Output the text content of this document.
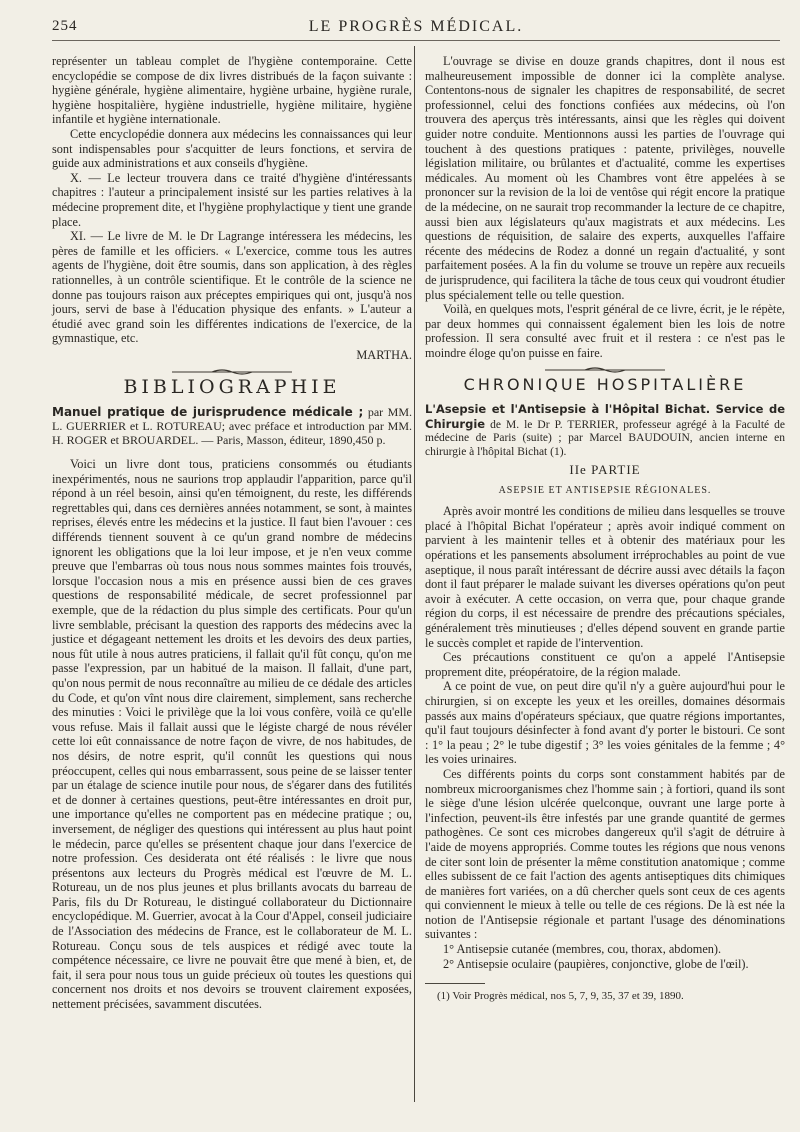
254	LE PROGRÈS MÉDICAL.

représenter un tableau complet de l'hygiène contemporaine. Cette encyclopédie se compose de dix livres distribués de la façon suivante : hygiène générale, hygiène alimentaire, hygiène urbaine, hygiène rurale, hygiène hospitalière, hygiène industrielle, hygiène militaire, hygiène infantile et hygiène internationale.

Cette encyclopédie donnera aux médecins les connaissances qui leur sont indispensables pour s'acquitter de leurs fonctions, et servira de guide aux administrations et aux conseils d'hygiène.

X. — Le lecteur trouvera dans ce traité d'hygiène d'intéressants chapitres : l'auteur a principalement insisté sur les parties relatives à la médecine proprement dite, et l'hygiène prophylactique y tient une grande place.

XI. — Le livre de M. le Dr Lagrange intéressera les médecins, les pères de famille et les officiers. « L'exercice, comme tous les autres agents de l'hygiène, doit être soumis, dans son application, à des règles rationnelles, à un contrôle scientifique. Et le contrôle de la science ne donne pas toujours raison aux préceptes empiriques qui ont, jusqu'à nos jours, servi de base à l'éducation physique des enfants. » L'auteur a étudié avec grand soin les différentes indications de l'exercice, de la gymnastique, etc.

MARTHA.

BIBLIOGRAPHIE
Manuel pratique de jurisprudence médicale ; par MM. L. GUERRIER et L. ROTUREAU; avec préface et introduction par MM. H. ROGER et BROUARDEL. — Paris, Masson, éditeur, 1890,450 p.

Voici un livre dont tous, praticiens consommés ou étudiants inexpérimentés, nous ne saurions trop applaudir l'apparition, parce qu'il répond à un réel besoin, ainsi qu'en témoignent, du reste, les différends regrettables qui, dans ces dernières années notamment, se sont, à maintes reprises, élevés entre les médecins et la justice. Il faut bien l'avouer : ces différends tiennent souvent à ce qu'un grand nombre de médecins ignorent les obligations que la loi leur impose, et je n'en veux comme preuve que l'embarras où tous nous nous sommes maintes fois trouvés, lorsque l'occasion nous a mis en présence aussi bien de ces graves questions de responsabilité médicale, de secret professionnel par exemple, que de la rédaction du plus simple des certificats. Pour qu'un livre semblable, précisant la question des rapports des médecins avec la justice et dégageant nettement les droits et les devoirs des deux parties, nous fût utile à nous autres praticiens, il fallait qu'il fût conçu, qu'on me passe l'expression, par un habitué de la maison. Il fallait, d'une part, qu'on nous permit de nous reconnaître au milieu de ce dédale des articles du Code, et qu'on vînt nous dire clairement, simplement, sans recherche des minuties : Voici le privilège que la loi vous confère, voilà ce qu'elle vous refuse. Mais il fallait aussi que le légiste chargé de nous révéler cette loi eût connaissance de notre façon de vivre, de nos habitudes, de nos désirs, de notre esprit, qu'il connût les questions qui nous préoccupent, celles qui nous embarrassent, sous peine de se laisser tenter par un étalage de science inutile pour nous, de s'égarer dans des futilités et de donner à certaines questions, peut-être intéressantes en droit pur, une importance qu'elles ne comportent pas en médecine pratique ; ou, inversement, de négliger des questions qui intéressent au plus haut point le médecin, parce qu'elles se présentent chaque jour dans l'exercice de notre profession. Ces desiderata ont été réalisés : le livre que nous présentons aux lecteurs du Progrès médical est l'œuvre de M. L. Rotureau, un de nos plus jeunes et plus brillants avocats du barreau de Paris, fils du Dr Rotureau, le distingué collaborateur du Dictionnaire encyclopédique. M. Guerrier, avocat à la Cour d'Appel, conseil judiciaire de l'Association des médecins de France, est le collaborateur de M. L. Rotureau. Conçu sous de tels auspices et rédigé avec toute la compétence nécessaire, ce livre ne pouvait être que mené à bien, et, de fait, il sera pour nous tous un guide précieux où toutes les questions qui concernent nos droits et nos devoirs se trouvent clairement exposées, nettement précisées, savamment discutées.

L'ouvrage se divise en douze grands chapitres, dont il nous est malheureusement impossible de donner ici la complète analyse. Contentons-nous de signaler les chapitres de responsabilité, de secret professionnel, celui des fonctions confiées aux médecins, où l'on trouvera des aperçus très intéressants, ainsi que les règles qui doivent guider notre conduite. Mentionnons aussi les parties de l'ouvrage qui touchent à des questions pratiques : patente, privilèges, nouvelle législation militaire, ou brûlantes et d'actualité, comme les expertises médicales. Au moment où les Chambres vont être appelées à se prononcer sur la revision de la loi de ventôse qui régit encore la pratique de la médecine, on ne saurait trop recommander la lecture de ce chapitre, aussi bien aux législateurs qu'aux magistrats et aux médecins. Les questions de réquisition, de salaire des experts, auxquelles l'affaire récente des médecins de Rodez a donné un regain d'actualité, y sont parfaitement posées. A la fin du volume se trouve un repère aux recueils de jurisprudence, qui facilitera la tâche de tous ceux qui voudront étudier plus spécialement telle ou telle question.

Voilà, en quelques mots, l'esprit général de ce livre, écrit, je le répète, par deux hommes qui connaissent également bien les lois de notre profession. Il sera consulté avec fruit et il restera : ce n'est pas le moindre éloge qu'on puisse en faire.

CHRONIQUE HOSPITALIÈRE
L'Asepsie et l'Antisepsie à l'Hôpital Bichat. Service de Chirurgie de M. le Dr P. TERRIER, professeur agrégé à la Faculté de médecine de Paris (suite) ; par Marcel BAUDOUIN, ancien interne en chirurgie à l'hôpital Bichat (1).
IIe PARTIE
ASEPSIE ET ANTISEPSIE RÉGIONALES.

Après avoir montré les conditions de milieu dans lesquelles se trouve placé à l'hôpital Bichat l'opérateur ; après avoir indiqué comment on parvient à les maintenir telles et à obtenir des matériaux pour les opérations et les pansements absolument irréprochables au point de vue aseptique, il nous paraît intéressant de décrire aussi avec détails la façon dont il faut préparer le malade suivant les diverses opérations qu'on peut avoir à exécuter. A cette occasion, on verra que, pour chaque grande région du corps, il est nécessaire de prendre des précautions spéciales, généralement très minutieuses ; d'elles dépend souvent en grande partie le succès complet et rapide de l'intervention.

Ces précautions constituent ce qu'on a appelé l'Antisepsie proprement dite, préopératoire, de la région malade.

A ce point de vue, on peut dire qu'il n'y a guère aujourd'hui pour le chirurgien, si on excepte les yeux et les oreilles, domaines désormais passés aux mains d'opérateurs spéciaux, que quatre régions importantes, qu'il faut toujours désinfecter à fond avant d'y porter le bistouri. Ce sont : 1° la peau ; 2° le tube digestif ; 3° les voies génitales de la femme ; 4° les voies urinaires.

Ces différents points du corps sont constamment habités par de nombreux microorganismes chez l'homme sain ; à fortiori, quand ils sont le siège d'une lésion ulcérée quelconque, ouvrant une large porte à l'infection, peuvent-ils être infestés par une grande quantité de germes pathogènes. Ce sont ces microbes dangereux qu'il s'agit de détruire à l'aide de moyens appropriés. Comme toutes les régions que nous venons de citer sont loin de présenter la même constitution anatomique ; comme elles subissent de ce fait l'action des agents antiseptiques dits chimiques de manières fort variées, on a dû chercher quels sont ceux de ces agents qui conviennent le mieux à telle ou telle de ces régions. De là est née la notion de l'Antisepsie régionale et partant l'usage des dénominations suivantes :

1° Antisepsie cutanée (membres, cou, thorax, abdomen).

2° Antisepsie oculaire (paupières, conjonctive, globe de l'œil).

(1) Voir Progrès médical, nos 5, 7, 9, 35, 37 et 39, 1890.
